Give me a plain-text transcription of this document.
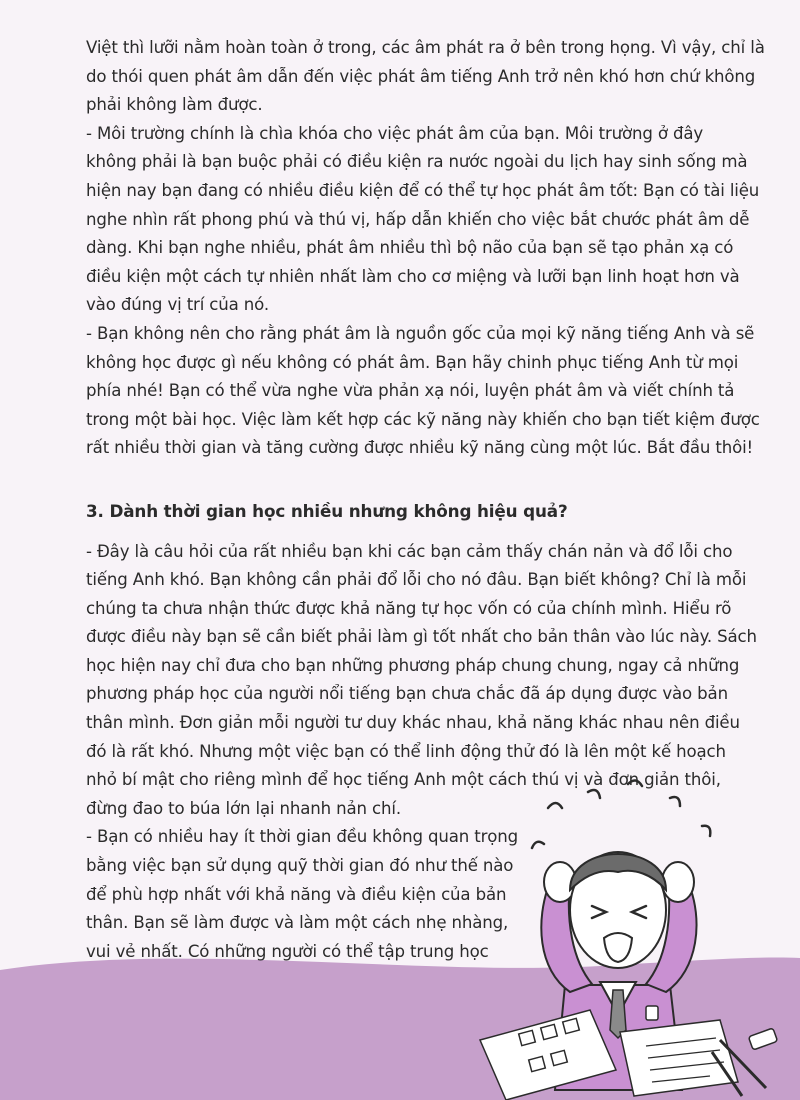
Việt thì lưỡi nằm hoàn toàn ở trong, các âm phát ra ở bên trong họng. Vì vậy, chỉ là
do thói quen phát âm dẫn đến việc phát âm tiếng Anh trở nên khó hơn chứ không
phải không làm được.
- Môi trường chính là chìa khóa cho việc phát âm của bạn. Môi trường ở đây
không phải là bạn buộc phải có điều kiện ra nước ngoài du lịch hay sinh sống mà
hiện nay bạn đang có nhiều điều kiện để có thể tự học phát âm tốt: Bạn có tài liệu
nghe nhìn rất phong phú và thú vị, hấp dẫn khiến cho việc bắt chước phát âm dễ
dàng. Khi bạn nghe nhiều, phát âm nhiều thì bộ não của bạn sẽ tạo phản xạ có
điều kiện một cách tự nhiên nhất làm cho cơ miệng và lưỡi bạn linh hoạt hơn và
vào đúng vị trí của nó.
- Bạn không nên cho rằng phát âm là nguồn gốc của mọi kỹ năng tiếng Anh và sẽ
không học được gì nếu không có phát âm. Bạn hãy chinh phục tiếng Anh từ mọi
phía nhé! Bạn có thể vừa nghe vừa phản xạ nói, luyện phát âm và viết chính tả
trong một bài học. Việc làm kết hợp các kỹ năng này khiến cho bạn tiết kiệm được
rất nhiều thời gian và tăng cường được nhiều kỹ năng cùng một lúc. Bắt đầu thôi!
3. Dành thời gian học nhiều nhưng không hiệu quả?
- Đây là câu hỏi của rất nhiều bạn khi các bạn cảm thấy chán nản và đổ lỗi cho
tiếng Anh khó. Bạn không cần phải đổ lỗi cho nó đâu. Bạn biết không? Chỉ là mỗi
chúng ta chưa nhận thức được khả năng tự học vốn có của chính mình. Hiểu rõ
được điều này bạn sẽ cần biết phải làm gì tốt nhất cho bản thân vào lúc này. Sách
học hiện nay chỉ đưa cho bạn những phương pháp chung chung, ngay cả những
phương pháp học của người nổi tiếng bạn chưa chắc đã áp dụng được vào bản
thân mình. Đơn giản mỗi người tư duy khác nhau, khả năng khác nhau nên điều
đó là rất khó. Nhưng một việc bạn có thể linh động thử đó là lên một kế hoạch
nhỏ bí mật cho riêng mình để học tiếng Anh một cách thú vị và đơn giản thôi,
đừng đao to búa lớn lại nhanh nản chí.
- Bạn có nhiều hay ít thời gian đều không quan trọng
bằng việc bạn sử dụng quỹ thời gian đó như thế nào
để phù hợp nhất với khả năng và điều kiện của bản
thân. Bạn sẽ làm được và làm một cách nhẹ nhàng,
vui vẻ nhất. Có những người có thể tập trung học
